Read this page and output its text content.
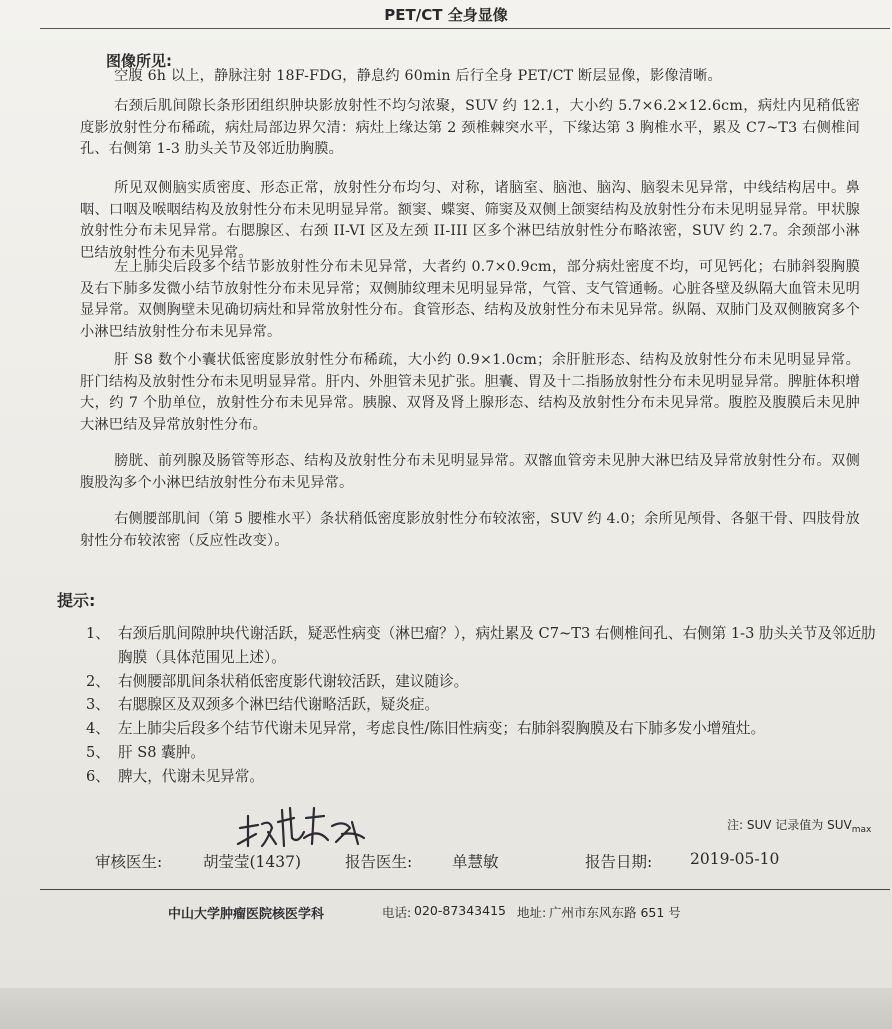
PET/CT 全身显像
图像所见:

空腹 6h 以上，静脉注射 18F-FDG，静息约 60min 后行全身 PET/CT 断层显像，影像清晰。

右颈后肌间隙长条形团组织肿块影放射性不均匀浓聚，SUV 约 12.1，大小约 5.7×6.2×12.6cm，病灶内见稍低密度影放射性分布稀疏，病灶局部边界欠清：病灶上缘达第 2 颈椎棘突水平，下缘达第 3 胸椎水平，累及 C7~T3 右侧椎间孔、右侧第 1-3 肋头关节及邻近肋胸膜。

所见双侧脑实质密度、形态正常，放射性分布均匀、对称，诸脑室、脑池、脑沟、脑裂未见异常，中线结构居中。鼻咽、口咽及喉咽结构及放射性分布未见明显异常。额窦、蝶窦、筛窦及双侧上颌窦结构及放射性分布未见明显异常。甲状腺放射性分布未见异常。右腮腺区、右颈 II-VI 区及左颈 II-III 区多个淋巴结放射性分布略浓密，SUV 约 2.7。余颈部小淋巴结放射性分布未见异常。

左上肺尖后段多个结节影放射性分布未见异常，大者约 0.7×0.9cm，部分病灶密度不均，可见钙化；右肺斜裂胸膜及右下肺多发微小结节放射性分布未见异常；双侧肺纹理未见明显异常，气管、支气管通畅。心脏各壁及纵隔大血管未见明显异常。双侧胸壁未见确切病灶和异常放射性分布。食管形态、结构及放射性分布未见异常。纵隔、双肺门及双侧腋窝多个小淋巴结放射性分布未见异常。

肝 S8 数个小囊状低密度影放射性分布稀疏，大小约 0.9×1.0cm；余肝脏形态、结构及放射性分布未见明显异常。肝门结构及放射性分布未见明显异常。肝内、外胆管未见扩张。胆囊、胃及十二指肠放射性分布未见明显异常。脾脏体积增大，约 7 个肋单位，放射性分布未见异常。胰腺、双肾及肾上腺形态、结构及放射性分布未见异常。腹腔及腹膜后未见肿大淋巴结及异常放射性分布。

膀胱、前列腺及肠管等形态、结构及放射性分布未见明显异常。双髂血管旁未见肿大淋巴结及异常放射性分布。双侧腹股沟多个小淋巴结放射性分布未见异常。

右侧腰部肌间（第 5 腰椎水平）条状稍低密度影放射性分布较浓密，SUV 约 4.0；余所见颅骨、各躯干骨、四肢骨放射性分布较浓密（反应性改变）。

提示:
1、 右颈后肌间隙肿块代谢活跃，疑恶性病变（淋巴瘤？），病灶累及 C7~T3 右侧椎间孔、右侧第 1-3 肋头关节及邻近肋胸膜（具体范围见上述）。
2、 右侧腰部肌间条状稍低密度影代谢较活跃，建议随诊。
3、 右腮腺区及双颈多个淋巴结代谢略活跃，疑炎症。
4、 左上肺尖后段多个结节代谢未见异常，考虑良性/陈旧性病变；右肺斜裂胸膜及右下肺多发小增殖灶。
5、 肝 S8 囊肿。
6、 脾大，代谢未见异常。
注: SUV 记录值为 $SUV_{max}$
审核医生:	胡莹莹(1437)	报告医生:	单慧敏	报告日期: 2019-05-10
中山大学肿瘤医院核医学科	电话: 020-87343415 地址: 广州市东风东路 651 号
